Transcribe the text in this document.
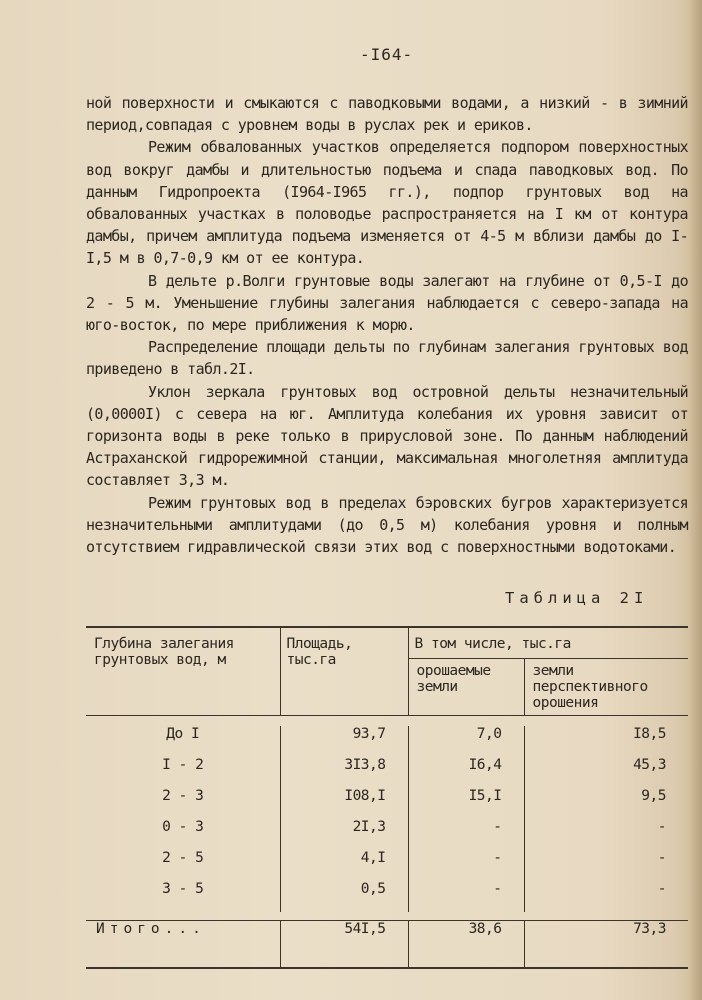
-I64-

ной поверхности и смыкаются с паводковыми водами, а низкий - в зимний период,совпадая с уровнем воды в руслах рек и ериков.

Режим обвалованных участков определяется подпором поверхностных вод вокруг дамбы и длительностью подъема и спада паводковых вод. По данным Гидропроекта (I964-I965 гг.), подпор грунтовых вод на обвалованных участках в половодье распространяется на I км от контура дамбы, причем амплитуда подъема изменяется от 4-5 м вблизи дамбы до I-I,5 м в 0,7-0,9 км от ее контура.

В дельте р.Волги грунтовые воды залегают на глубине от 0,5-I до 2 - 5 м. Уменьшение глубины залегания наблюдается с северо-запада на юго-восток, по мере приближения к морю.

Распределение площади дельты по глубинам залегания грунтовых вод приведено в табл.2I.

Уклон зеркала грунтовых вод островной дельты незначительный (0,0000I) с севера на юг. Амплитуда колебания их уровня зависит от горизонта воды в реке только в прирусловой зоне. По данным наблюдений Астраханской гидрорежимной станции, максимальная многолетняя амплитуда составляет 3,3 м.

Режим грунтовых вод в пределах бэровских бугров характеризуется незначительными амплитудами (до 0,5 м) колебания уровня и полным отсутствием гидравлической связи этих вод с поверхностными водотоками.

Таблица 2I
Глубина залегания грунтовых вод, м	Площадь, тыс.га	В том числе, тыс.га	
		орошаемые земли	земли перспективного орошения

До I	93,7	7,0	I8,5
I - 2	3I3,8	I6,4	45,3
2 - 3	I08,I	I5,I	9,5
0 - 3	2I,3	-	-
2 - 5	4,I	-	-
3 - 5	0,5	-	-

Итого...	54I,5	38,6	73,3
